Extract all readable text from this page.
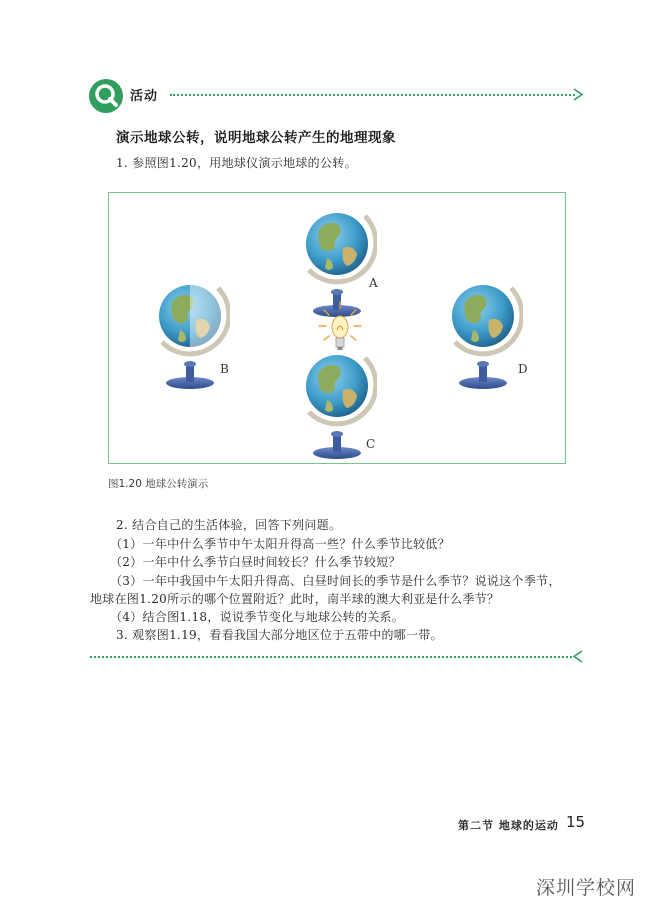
活动
演示地球公转，说明地球公转产生的地理现象
1. 参照图1.20，用地球仪演示地球的公转。
A
B	D
C
图1.20 地球公转演示
2. 结合自己的生活体验，回答下列问题。
（1）一年中什么季节中午太阳升得高一些？什么季节比较低？
（2）一年中什么季节白昼时间较长？什么季节较短？
（3）一年中我国中午太阳升得高、白昼时间长的季节是什么季节？说说这个季节，
地球在图1.20所示的哪个位置附近？此时，南半球的澳大利亚是什么季节？
（4）结合图1.18，说说季节变化与地球公转的关系。
3. 观察图1.19，看看我国大部分地区位于五带中的哪一带。
第二节 地球的运动 15
深圳学校网
